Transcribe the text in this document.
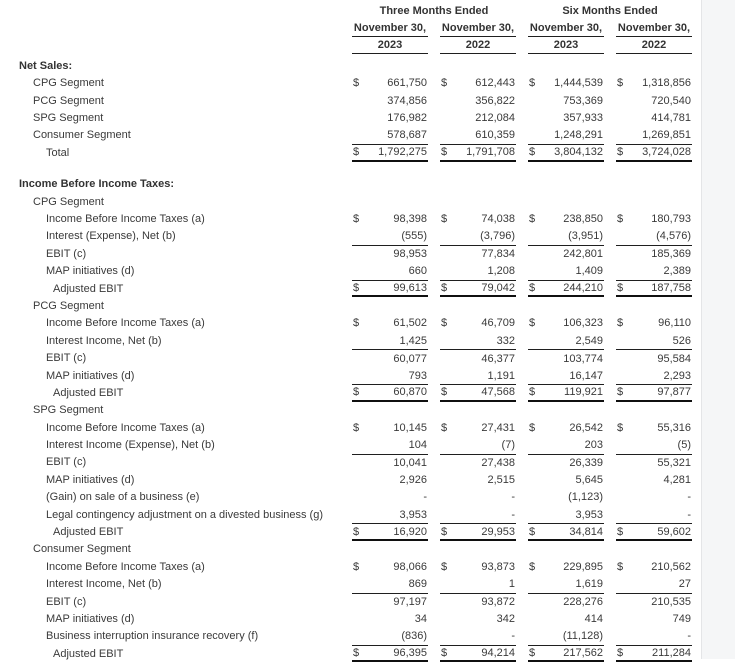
Three Months Ended	Six Months Ended
November 30, November 30, November 30, November 30,
2023	2022	2023	2022
Net Sales:
CPG Segment	$	661,750 $	612,443 $ 1,444,539 $ 1,318,856
PCG Segment	374,856	356,822	753,369	720,540
SPG Segment	176,982	212,084	357,933	414,781
Consumer Segment	578,687	610,359	1,248,291	1,269,851
Total	$ 1,792,275 $ 1,791,708 $ 3,804,132 $ 3,724,028
Income Before Income Taxes:
CPG Segment
Income Before Income Taxes (a)	$	98,398 $	74,038 $	238,850 $	180,793
Interest (Expense), Net (b)	(555)	(3,796)	(3,951)	(4,576)
EBIT (c)	98,953	77,834	242,801	185,369
MAP initiatives (d)	660	1,208	1,409	2,389
Adjusted EBIT	$	99,613 $	79,042 $	244,210 $	187,758
PCG Segment
Income Before Income Taxes (a)	$	61,502 $	46,709 $	106,323 $	96,110
Interest Income, Net (b)	1,425	332	2,549	526
EBIT (c)	60,077	46,377	103,774	95,584
MAP initiatives (d)	793	1,191	16,147	2,293
Adjusted EBIT	$	60,870 $	47,568 $	119,921 $	97,877
SPG Segment
Income Before Income Taxes (a)	$	10,145 $	27,431 $	26,542 $	55,316
Interest Income (Expense), Net (b)	104	(7)	203	(5)
EBIT (c)	10,041	27,438	26,339	55,321
MAP initiatives (d)	2,926	2,515	5,645	4,281
(Gain) on sale of a business (e)	-	-	(1,123)	-
Legal contingency adjustment on a divested business (g)	3,953	-	3,953	-
Adjusted EBIT	$	16,920 $	29,953 $	34,814 $	59,602
Consumer Segment
Income Before Income Taxes (a)	$	98,066 $	93,873 $	229,895 $	210,562
Interest Income, Net (b)	869	1	1,619	27
EBIT (c)	97,197	93,872	228,276	210,535
MAP initiatives (d)	34	342	414	749
Business interruption insurance recovery (f)	(836)	-	(11,128)	-
Adjusted EBIT	$	96,395 $	94,214 $	217,562 $	211,284
